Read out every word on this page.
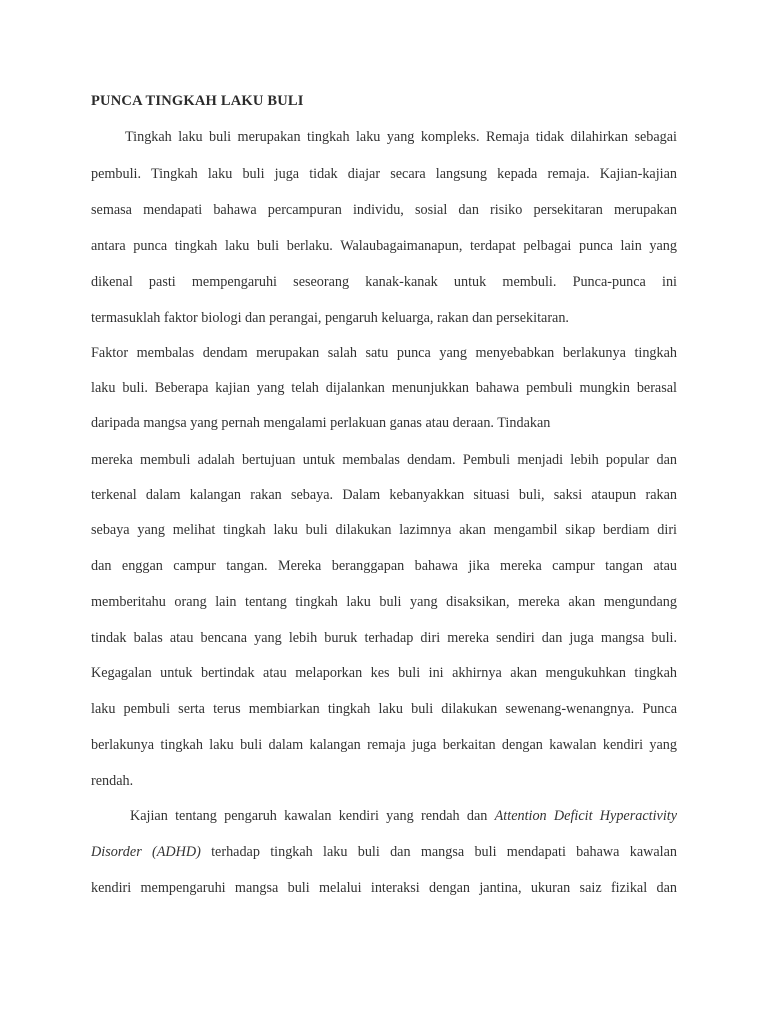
PUNCA TINGKAH LAKU BULI
Tingkah laku buli merupakan tingkah laku yang kompleks. Remaja tidak dilahirkan sebagai
pembuli. Tingkah laku buli juga tidak diajar secara langsung kepada remaja. Kajian-kajian
semasa mendapati bahawa percampuran individu, sosial dan risiko persekitaran merupakan
antara punca tingkah laku buli berlaku. Walaubagaimanapun, terdapat pelbagai punca lain yang
dikenal pasti mempengaruhi seseorang kanak-kanak untuk membuli. Punca-punca ini
termasuklah faktor biologi dan perangai, pengaruh keluarga, rakan dan persekitaran.
Faktor membalas dendam merupakan salah satu punca yang menyebabkan berlakunya tingkah
laku buli. Beberapa kajian yang telah dijalankan menunjukkan bahawa pembuli mungkin berasal
daripada mangsa yang pernah mengalami perlakuan ganas atau deraan. Tindakan
mereka membuli adalah bertujuan untuk membalas dendam. Pembuli menjadi lebih popular dan
terkenal dalam kalangan rakan sebaya. Dalam kebanyakkan situasi buli, saksi ataupun rakan
sebaya yang melihat tingkah laku buli dilakukan lazimnya akan mengambil sikap berdiam diri
dan enggan campur tangan. Mereka beranggapan bahawa jika mereka campur tangan atau
memberitahu orang lain tentang tingkah laku buli yang disaksikan, mereka akan mengundang
tindak balas atau bencana yang lebih buruk terhadap diri mereka sendiri dan juga mangsa buli.
Kegagalan untuk bertindak atau melaporkan kes buli ini akhirnya akan mengukuhkan tingkah
laku pembuli serta terus membiarkan tingkah laku buli dilakukan sewenang-wenangnya. Punca
berlakunya tingkah laku buli dalam kalangan remaja juga berkaitan dengan kawalan kendiri yang
rendah.
Kajian tentang pengaruh kawalan kendiri yang rendah dan Attention Deficit Hyperactivity
Disorder (ADHD) terhadap tingkah laku buli dan mangsa buli mendapati bahawa kawalan
kendiri mempengaruhi mangsa buli melalui interaksi dengan jantina, ukuran saiz fizikal dan
